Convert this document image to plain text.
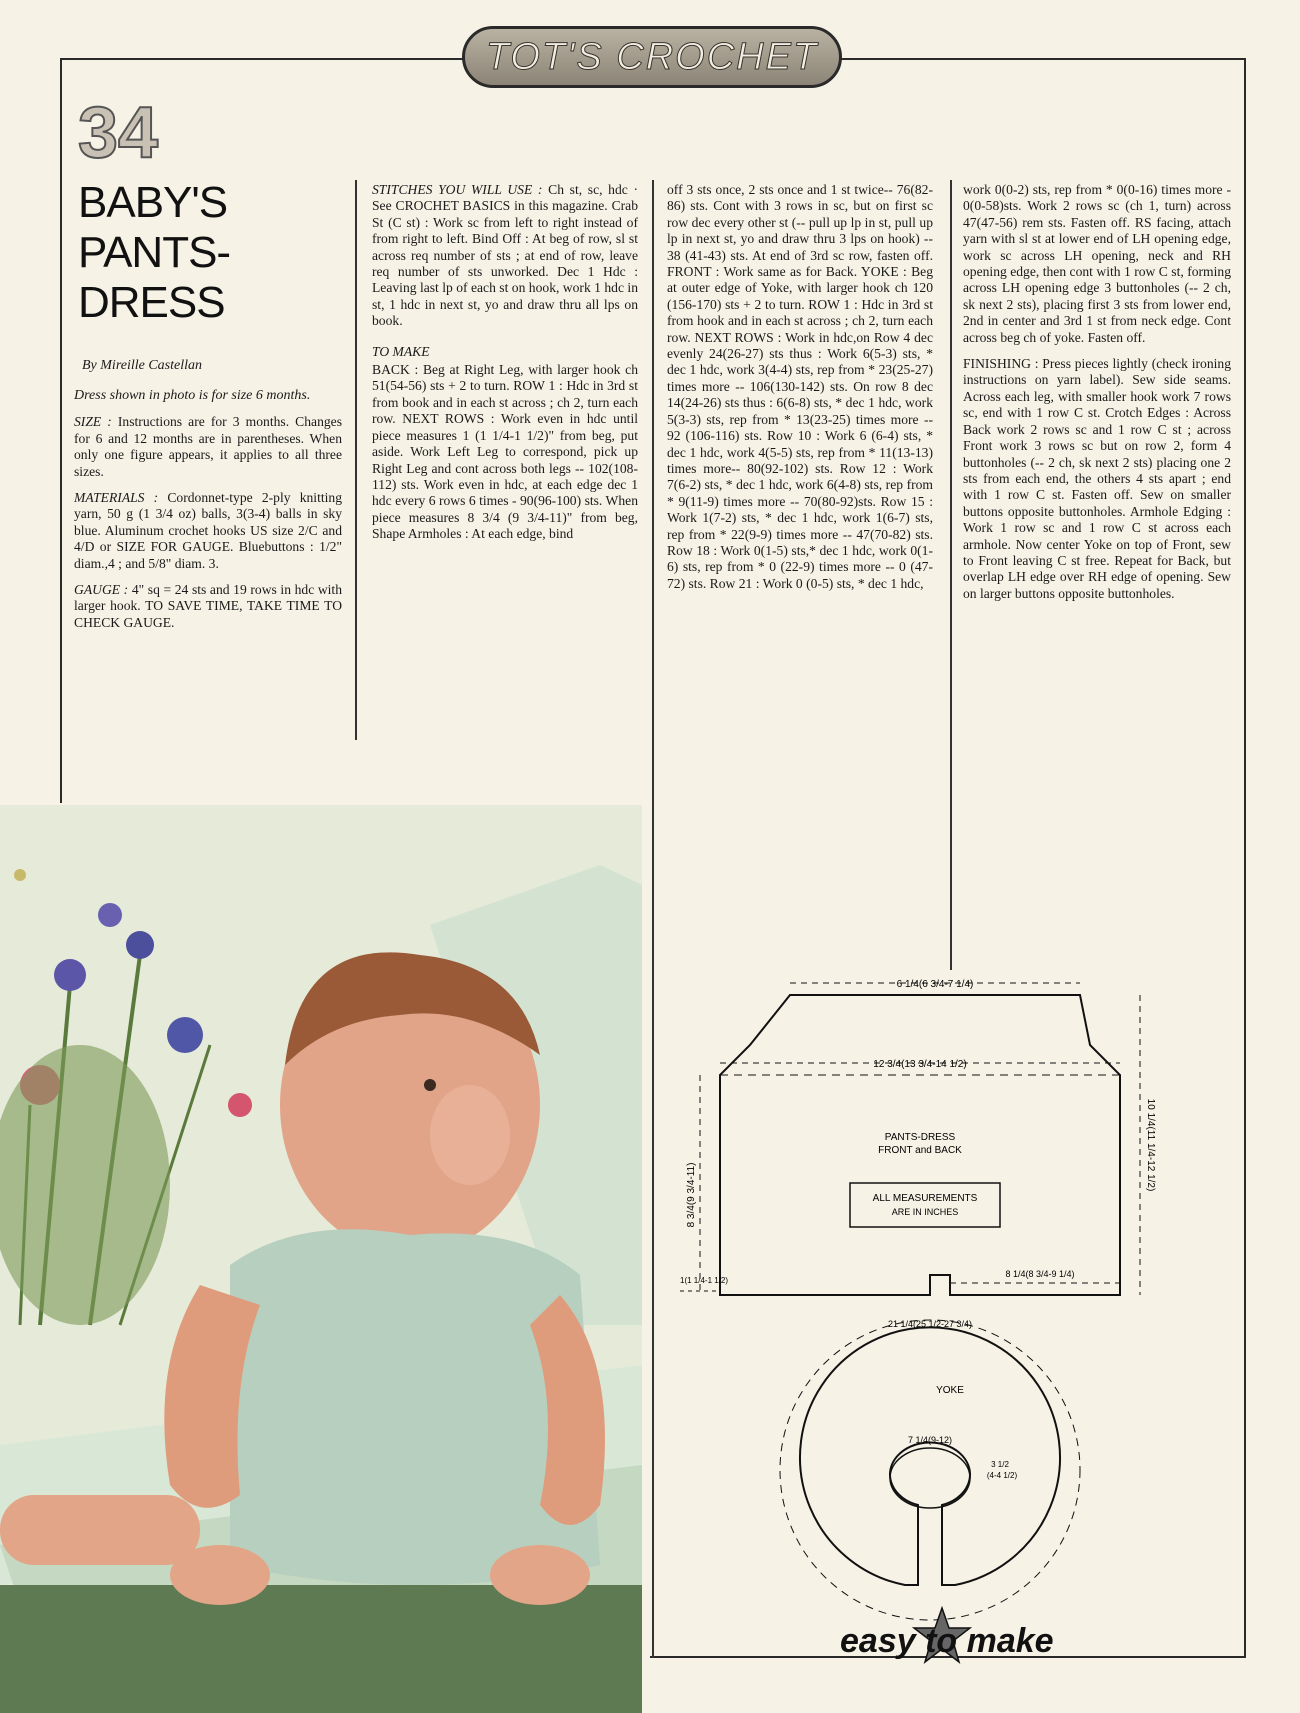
TOT'S CROCHET
34
BABY'S
PANTS-
DRESS
By Mireille Castellan

Dress shown in photo is for size 6 months.

SIZE : Instructions are for 3 months. Changes for 6 and 12 months are in parentheses. When only one figure appears, it applies to all three sizes.

MATERIALS : Cordonnet-type 2-ply knitting yarn, 50 g (1 3/4 oz) balls, 3(3-4) balls in sky blue. Aluminum crochet hooks US size 2/C and 4/D or SIZE FOR GAUGE. Bluebuttons : 1/2" diam.,4 ; and 5/8" diam. 3.

GAUGE : 4" sq = 24 sts and 19 rows in hdc with larger hook. TO SAVE TIME, TAKE TIME TO CHECK GAUGE.

STITCHES YOU WILL USE : Ch st, sc, hdc · See CROCHET BASICS in this magazine. Crab St (C st) : Work sc from left to right instead of from right to left. Bind Off : At beg of row, sl st across req number of sts ; at end of row, leave req number of sts unworked. Dec 1 Hdc : Leaving last lp of each st on hook, work 1 hdc in st, 1 hdc in next st, yo and draw thru all lps on book.

TO MAKE

BACK : Beg at Right Leg, with larger hook ch 51(54-56) sts + 2 to turn. ROW 1 : Hdc in 3rd st from book and in each st across ; ch 2, turn each row. NEXT ROWS : Work even in hdc until piece measures 1 (1 1/4-1 1/2)" from beg, put aside. Work Left Leg to correspond, pick up Right Leg and cont across both legs -- 102(108-112) sts. Work even in hdc, at each edge dec 1 hdc every 6 rows 6 times - 90(96-100) sts. When piece measures 8 3/4 (9 3/4-11)" from beg, Shape Armholes : At each edge, bind

off 3 sts once, 2 sts once and 1 st twice-- 76(82-86) sts. Cont with 3 rows in sc, but on first sc row dec every other st (-- pull up lp in st, pull up lp in next st, yo and draw thru 3 lps on hook) -- 38 (41-43) sts. At end of 3rd sc row, fasten off. FRONT : Work same as for Back. YOKE : Beg at outer edge of Yoke, with larger hook ch 120 (156-170) sts + 2 to turn. ROW 1 : Hdc in 3rd st from hook and in each st across ; ch 2, turn each row. NEXT ROWS : Work in hdc,on Row 4 dec evenly 24(26-27) sts thus : Work 6(5-3) sts, * dec 1 hdc, work 3(4-4) sts, rep from * 23(25-27) times more -- 106(130-142) sts. On row 8 dec 14(24-26) sts thus : 6(6-8) sts, * dec 1 hdc, work 5(3-3) sts, rep from * 13(23-25) times more -- 92 (106-116) sts. Row 10 : Work 6 (6-4) sts, * dec 1 hdc, work 4(5-5) sts, rep from * 11(13-13) times more-- 80(92-102) sts. Row 12 : Work 7(6-2) sts, * dec 1 hdc, work 6(4-8) sts, rep from * 9(11-9) times more -- 70(80-92)sts. Row 15 : Work 1(7-2) sts, * dec 1 hdc, work 1(6-7) sts, rep from * 22(9-9) times more -- 47(70-82) sts. Row 18 : Work 0(1-5) sts,* dec 1 hdc, work 0(1-6) sts, rep from * 0 (22-9) times more -- 0 (47-72) sts. Row 21 : Work 0 (0-5) sts, * dec 1 hdc,

work 0(0-2) sts, rep from * 0(0-16) times more - 0(0-58)sts. Work 2 rows sc (ch 1, turn) across 47(47-56) rem sts. Fasten off. RS facing, attach yarn with sl st at lower end of LH opening edge, work sc across LH opening, neck and RH opening edge, then cont with 1 row C st, forming across LH opening edge 3 buttonholes (-- 2 ch, sk next 2 sts), placing first 3 sts from lower end, 2nd in center and 3rd 1 st from neck edge. Cont across beg ch of yoke. Fasten off.

FINISHING : Press pieces lightly (check ironing instructions on yarn label). Sew side seams. Across each leg, with smaller hook work 7 rows sc, end with 1 row C st. Crotch Edges : Across Back work 2 rows sc and 1 row C st ; across Front work 3 rows sc but on row 2, form 4 buttonholes (-- 2 ch, sk next 2 sts) placing one 2 sts from each end, the others 4 sts apart ; end with 1 row C st. Fasten off. Sew on smaller buttons opposite buttonholes. Armhole Edging : Work 1 row sc and 1 row C st across each armhole. Now center Yoke on top of Front, sew to Front leaving C st free. Repeat for Back, but overlap LH edge over RH edge of opening. Sew on larger buttons opposite buttonholes.

6 1/4(6 3/4-7 1/4)
12 3/4(13 3/4-14 1/2)
8 3/4(9 3/4-11)
10 1/4(11 1/4-12 1/2)
PANTS-DRESS
FRONT and BACK
ALL MEASUREMENTS
ARE IN INCHES
8 1/4(8 3/4-9 1/4)
1(1 1/4-1 1/2)
21 1/4(25 1/2-27 3/4)
YOKE
7 1/4(9-12)
3 1/2
(4-4 1/2)
easy to make
